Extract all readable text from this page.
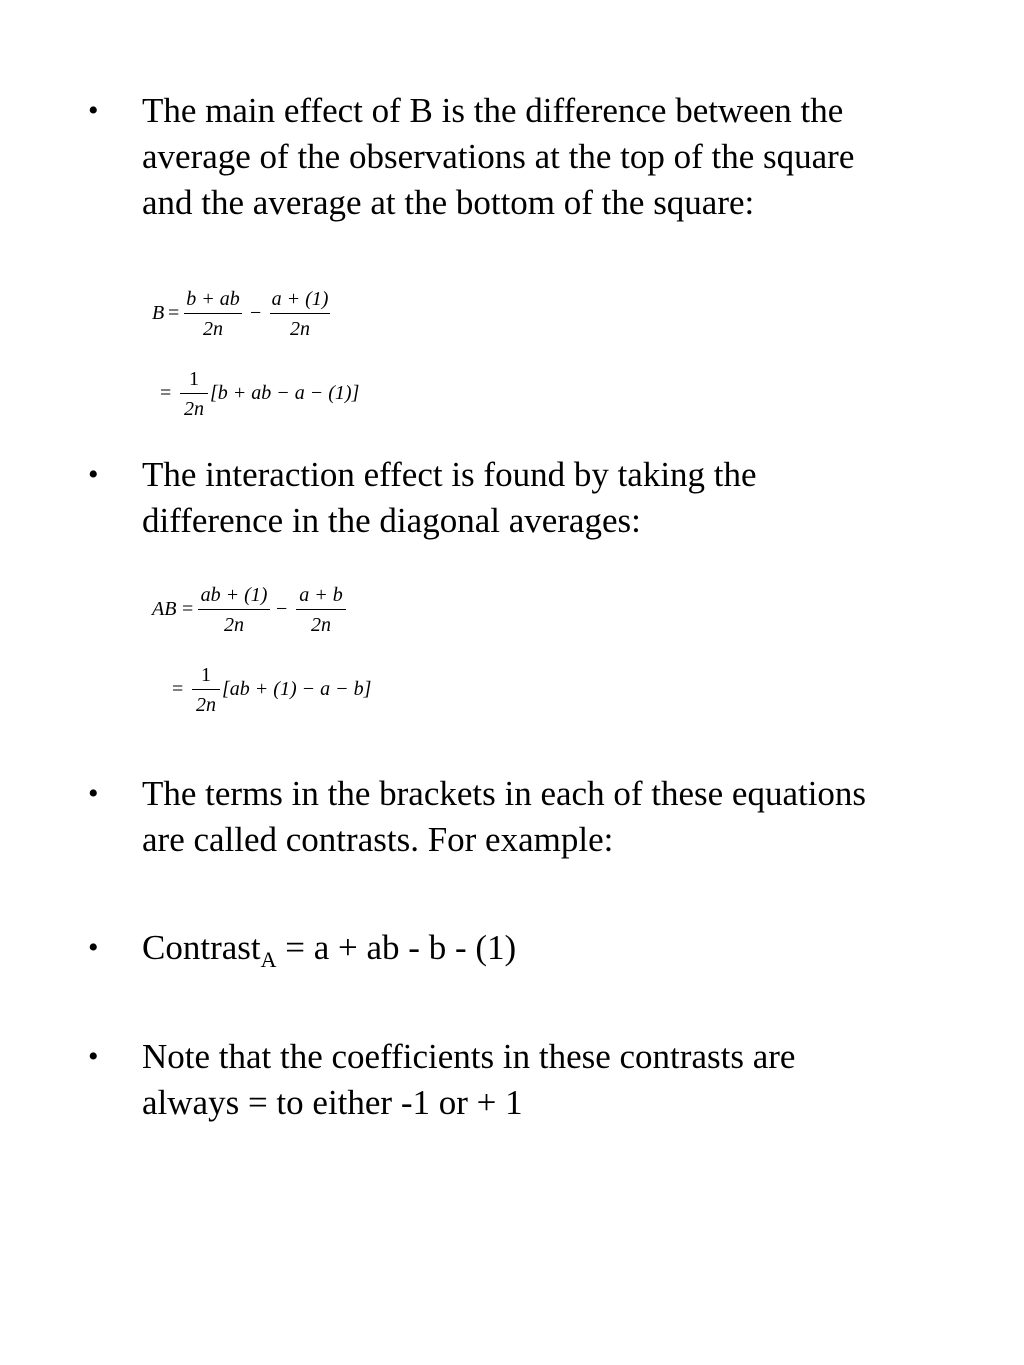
• The main effect of B is the difference between the
average of the observations at the top of the square
and the average at the bottom of the square:
B =
b + ab
2n
−
a + (1)
2n
=
1
2n
[b + ab − a − (1)]
• The interaction effect is found by taking the
difference in the diagonal averages:
AB =
ab + (1)
2n
−
a + b
2n
=
1
2n
[ab + (1) − a − b]
• The terms in the brackets in each of these equations
are called contrasts. For example:
• Contrast$_A$ = a + ab - b - (1)
• Note that the coefficients in these contrasts are
always = to either -1 or + 1
